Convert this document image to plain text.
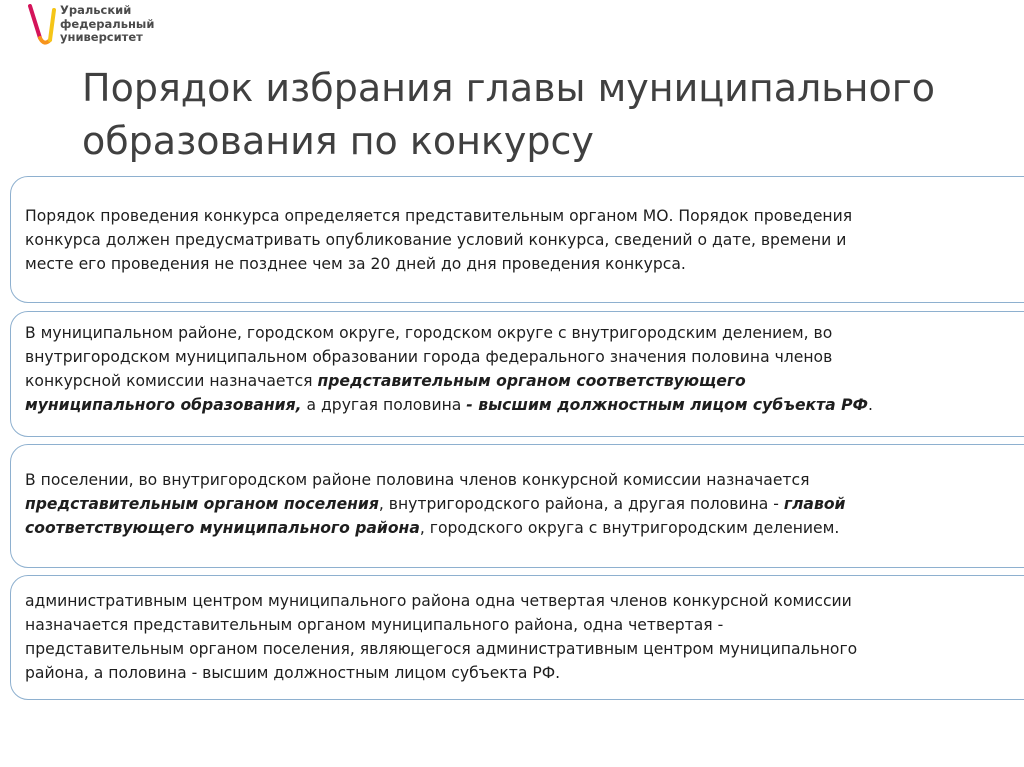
Уральский
федеральный
университет
Порядок избрания главы муниципального
образования по конкурсу

Порядок проведения конкурса определяется представительным органом МО. Порядок проведения
конкурса должен предусматривать опубликование условий конкурса, сведений о дате, времени и
месте его проведения не позднее чем за 20 дней до дня проведения конкурса.

В муниципальном районе, городском округе, городском округе с внутригородским делением, во
внутригородском муниципальном образовании города федерального значения половина членов
конкурсной комиссии назначается представительным органом соответствующего
муниципального образования, а другая половина - высшим должностным лицом субъекта РФ.

В поселении, во внутригородском районе половина членов конкурсной комиссии назначается
представительным органом поселения, внутригородского района, а другая половина - главой
соответствующего муниципального района, городского округа с внутригородским делением.

административным центром муниципального района одна четвертая членов конкурсной комиссии
назначается представительным органом муниципального района, одна четвертая -
представительным органом поселения, являющегося административным центром муниципального
района, а половина - высшим должностным лицом субъекта РФ.
